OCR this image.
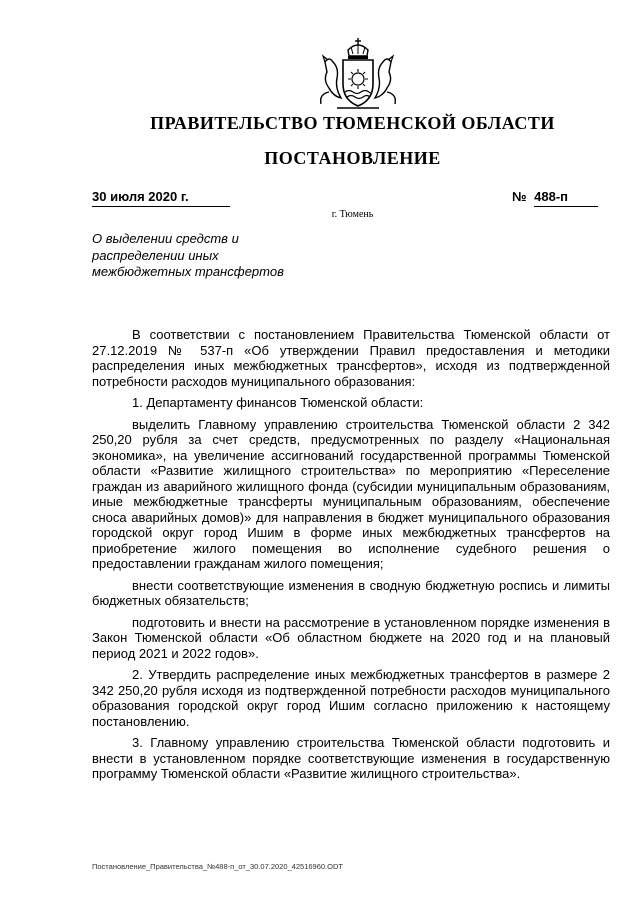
ПРАВИТЕЛЬСТВО ТЮМЕНСКОЙ ОБЛАСТИ
ПОСТАНОВЛЕНИЕ
30 июля 2020 г.	№ 488-п
г. Тюмень
О выделении средств и
распределении иных
межбюджетных трансфертов

В соответствии с постановлением Правительства Тюменской области от 27.12.2019 № 537-п «Об утверждении Правил предоставления и методики распределения иных межбюджетных трансфертов», исходя из подтвержденной потребности расходов муниципального образования:

1. Департаменту финансов Тюменской области:

выделить Главному управлению строительства Тюменской области 2 342 250,20 рубля за счет средств, предусмотренных по разделу «Национальная экономика», на увеличение ассигнований государственной программы Тюменской области «Развитие жилищного строительства» по мероприятию «Переселение граждан из аварийного жилищного фонда (субсидии муниципальным образованиям, иные межбюджетные трансферты муниципальным образованиям, обеспечение сноса аварийных домов)» для направления в бюджет муниципального образования городской округ город Ишим в форме иных межбюджетных трансфертов на приобретение жилого помещения во исполнение судебного решения о предоставлении гражданам жилого помещения;

внести соответствующие изменения в сводную бюджетную роспись и лимиты бюджетных обязательств;

подготовить и внести на рассмотрение в установленном порядке изменения в Закон Тюменской области «Об областном бюджете на 2020 год и на плановый период 2021 и 2022 годов».

2. Утвердить распределение иных межбюджетных трансфертов в размере 2 342 250,20 рубля исходя из подтвержденной потребности расходов муниципального образования городской округ город Ишим согласно приложению к настоящему постановлению.

3. Главному управлению строительства Тюменской области подготовить и внести в установленном порядке соответствующие изменения в государственную программу Тюменской области «Развитие жилищного строительства».

Постановление_Правительства_№488-п_от_30.07.2020_42516960.ODT
